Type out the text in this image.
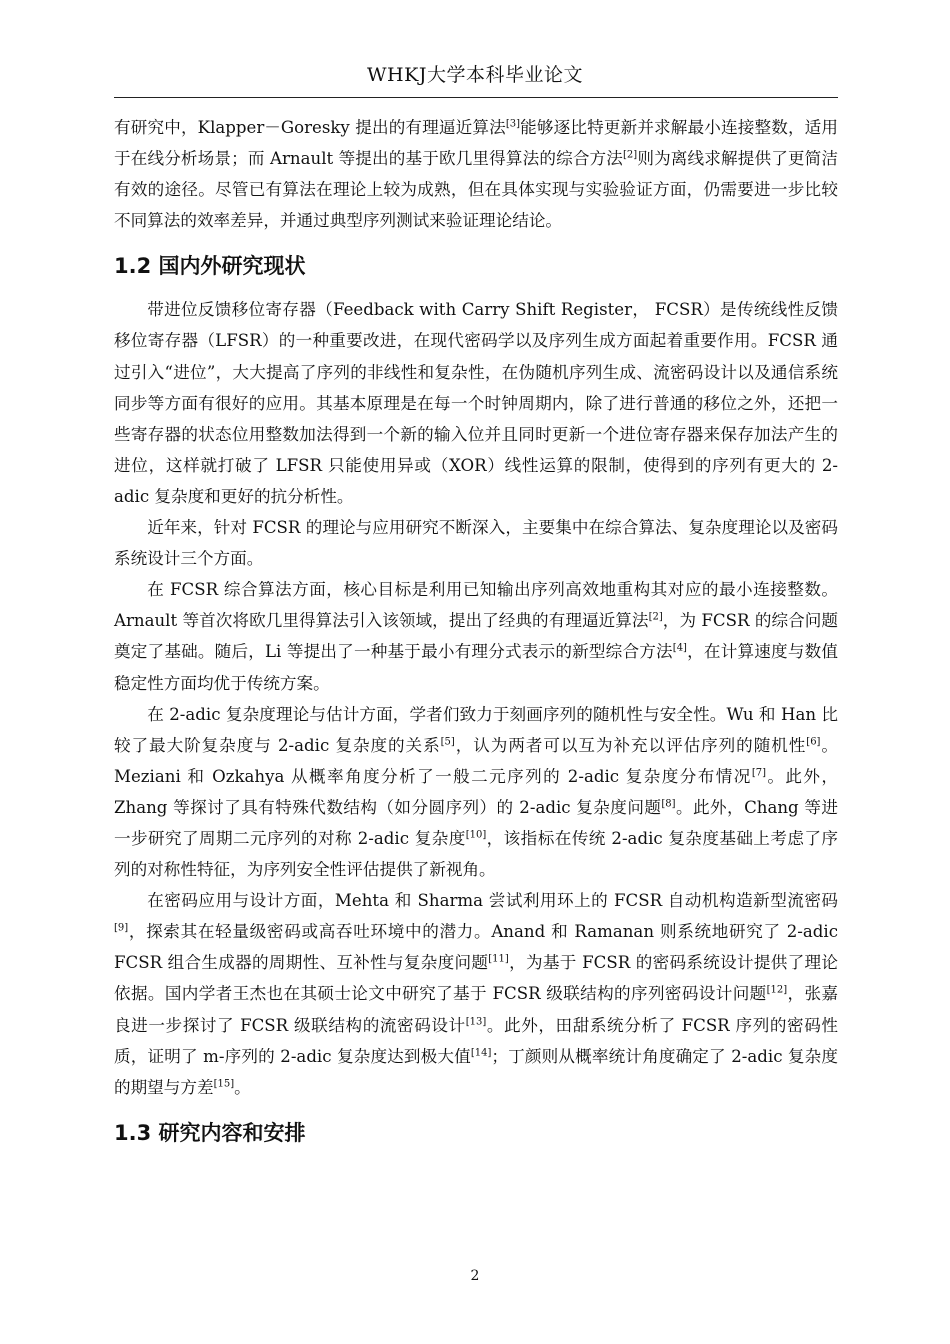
WHKJ大学本科毕业论文

有研究中，Klapper－Goresky 提出的有理逼近算法[3]能够逐比特更新并求解最小连接整数，适用于在线分析场景；而 Arnault 等提出的基于欧几里得算法的综合方法[2]则为离线求解提供了更简洁有效的途径。尽管已有算法在理论上较为成熟，但在具体实现与实验验证方面，仍需要进一步比较不同算法的效率差异，并通过典型序列测试来验证理论结论。

1.2 国内外研究现状

带进位反馈移位寄存器（Feedback with Carry Shift Register， FCSR）是传统线性反馈移位寄存器（LFSR）的一种重要改进，在现代密码学以及序列生成方面起着重要作用。FCSR 通过引入“进位”，大大提高了序列的非线性和复杂性，在伪随机序列生成、流密码设计以及通信系统同步等方面有很好的应用。其基本原理是在每一个时钟周期内，除了进行普通的移位之外，还把一些寄存器的状态位用整数加法得到一个新的输入位并且同时更新一个进位寄存器来保存加法产生的进位，这样就打破了 LFSR 只能使用异或（XOR）线性运算的限制，使得到的序列有更大的 2-adic 复杂度和更好的抗分析性。

近年来，针对 FCSR 的理论与应用研究不断深入，主要集中在综合算法、复杂度理论以及密码系统设计三个方面。

在 FCSR 综合算法方面，核心目标是利用已知输出序列高效地重构其对应的最小连接整数。Arnault 等首次将欧几里得算法引入该领域，提出了经典的有理逼近算法[2]，为 FCSR 的综合问题奠定了基础。随后，Li 等提出了一种基于最小有理分式表示的新型综合方法[4]，在计算速度与数值稳定性方面均优于传统方案。

在 2-adic 复杂度理论与估计方面，学者们致力于刻画序列的随机性与安全性。Wu 和 Han 比较了最大阶复杂度与 2-adic 复杂度的关系[5]，认为两者可以互为补充以评估序列的随机性[6]。Meziani 和 Ozkahya 从概率角度分析了一般二元序列的 2-adic 复杂度分布情况[7]。此外，Zhang 等探讨了具有特殊代数结构（如分圆序列）的 2-adic 复杂度问题[8]。此外，Chang 等进一步研究了周期二元序列的对称 2-adic 复杂度[10]，该指标在传统 2-adic 复杂度基础上考虑了序列的对称性特征，为序列安全性评估提供了新视角。

在密码应用与设计方面，Mehta 和 Sharma 尝试利用环上的 FCSR 自动机构造新型流密码[9]，探索其在轻量级密码或高吞吐环境中的潜力。Anand 和 Ramanan 则系统地研究了 2-adic FCSR 组合生成器的周期性、互补性与复杂度问题[11]，为基于 FCSR 的密码系统设计提供了理论依据。国内学者王杰也在其硕士论文中研究了基于 FCSR 级联结构的序列密码设计问题[12]，张嘉良进一步探讨了 FCSR 级联结构的流密码设计[13]。此外，田甜系统分析了 FCSR 序列的密码性质，证明了 m-序列的 2-adic 复杂度达到极大值[14]；丁颜则从概率统计角度确定了 2-adic 复杂度的期望与方差[15]。

1.3 研究内容和安排
2
